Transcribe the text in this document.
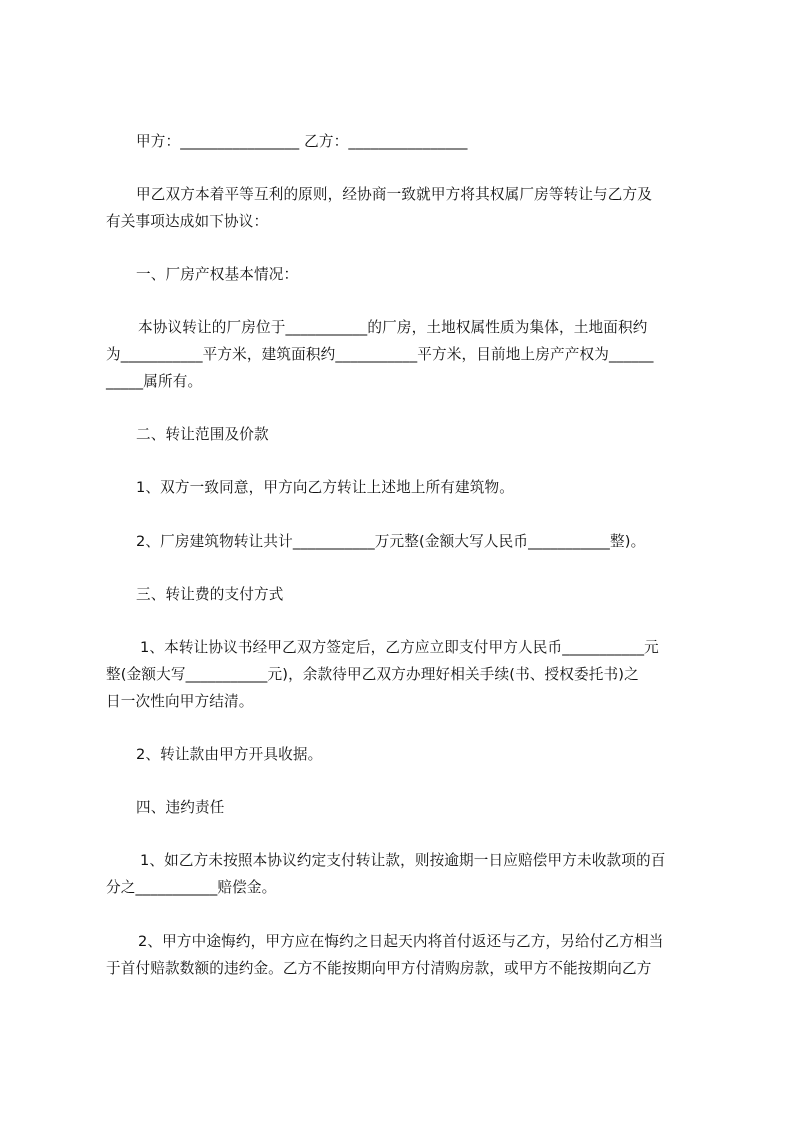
甲方：________________ 乙方：________________
甲乙双方本着平等互利的原则，经协商一致就甲方将其权属厂房等转让与乙方及
有关事项达成如下协议：
一、厂房产权基本情况：
本协议转让的厂房位于___________的厂房，土地权属性质为集体，土地面积约
为___________平方米，建筑面积约___________平方米，目前地上房产产权为______
_____属所有。
二、转让范围及价款
1、双方一致同意，甲方向乙方转让上述地上所有建筑物。
2、厂房建筑物转让共计___________万元整(金额大写人民币___________整)。
三、转让费的支付方式
1、本转让协议书经甲乙双方签定后，乙方应立即支付甲方人民币___________元
整(金额大写___________元)，余款待甲乙双方办理好相关手续(书、授权委托书)之
日一次性向甲方结清。
2、转让款由甲方开具收据。
四、违约责任
1、如乙方未按照本协议约定支付转让款，则按逾期一日应赔偿甲方未收款项的百
分之___________赔偿金。
2、甲方中途悔约，甲方应在悔约之日起天内将首付返还与乙方，另给付乙方相当
于首付赔款数额的违约金。乙方不能按期向甲方付清购房款，或甲方不能按期向乙方
